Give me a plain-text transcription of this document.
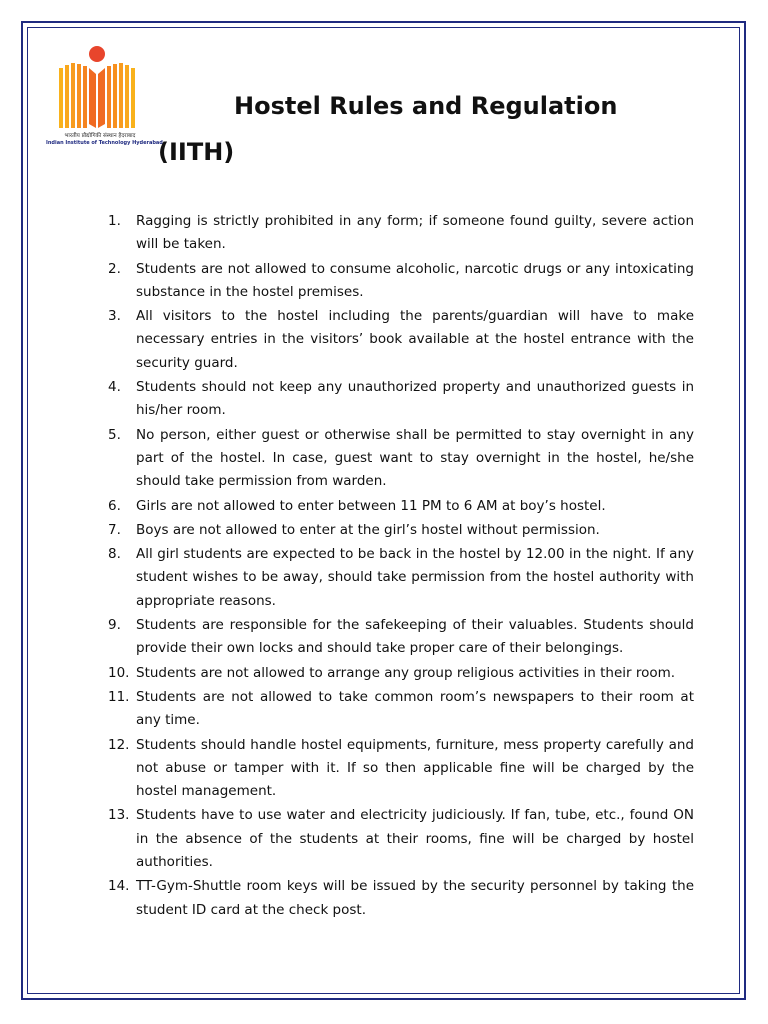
भारतीय प्रौद्योगिकी संस्थान हैदराबाद
Indian Institute of Technology Hyderabad
Hostel Rules and Regulation
(IITH)
1. Ragging is strictly prohibited in any form; if someone found guilty, severe action will be taken.
2. Students are not allowed to consume alcoholic, narcotic drugs or any intoxicating substance in the hostel premises.
3. All visitors to the hostel including the parents/guardian will have to make necessary entries in the visitors’ book available at the hostel entrance with the security guard.
4. Students should not keep any unauthorized property and unauthorized guests in his/her room.
5. No person, either guest or otherwise shall be permitted to stay overnight in any part of the hostel. In case, guest want to stay overnight in the hostel, he/she should take permission from warden.
6. Girls are not allowed to enter between 11 PM to 6 AM at boy’s hostel.
7. Boys are not allowed to enter at the girl’s hostel without permission.
8. All girl students are expected to be back in the hostel by 12.00 in the night. If any student wishes to be away, should take permission from the hostel authority with appropriate reasons.
9. Students are responsible for the safekeeping of their valuables. Students should provide their own locks and should take proper care of their belongings.
10. Students are not allowed to arrange any group religious activities in their room.
11. Students are not allowed to take common room’s newspapers to their room at any time.
12. Students should handle hostel equipments, furniture, mess property carefully and not abuse or tamper with it. If so then applicable fine will be charged by the hostel management.
13. Students have to use water and electricity judiciously. If fan, tube, etc., found ON in the absence of the students at their rooms, fine will be charged by hostel authorities.
14. TT-Gym-Shuttle room keys will be issued by the security personnel by taking the student ID card at the check post.
